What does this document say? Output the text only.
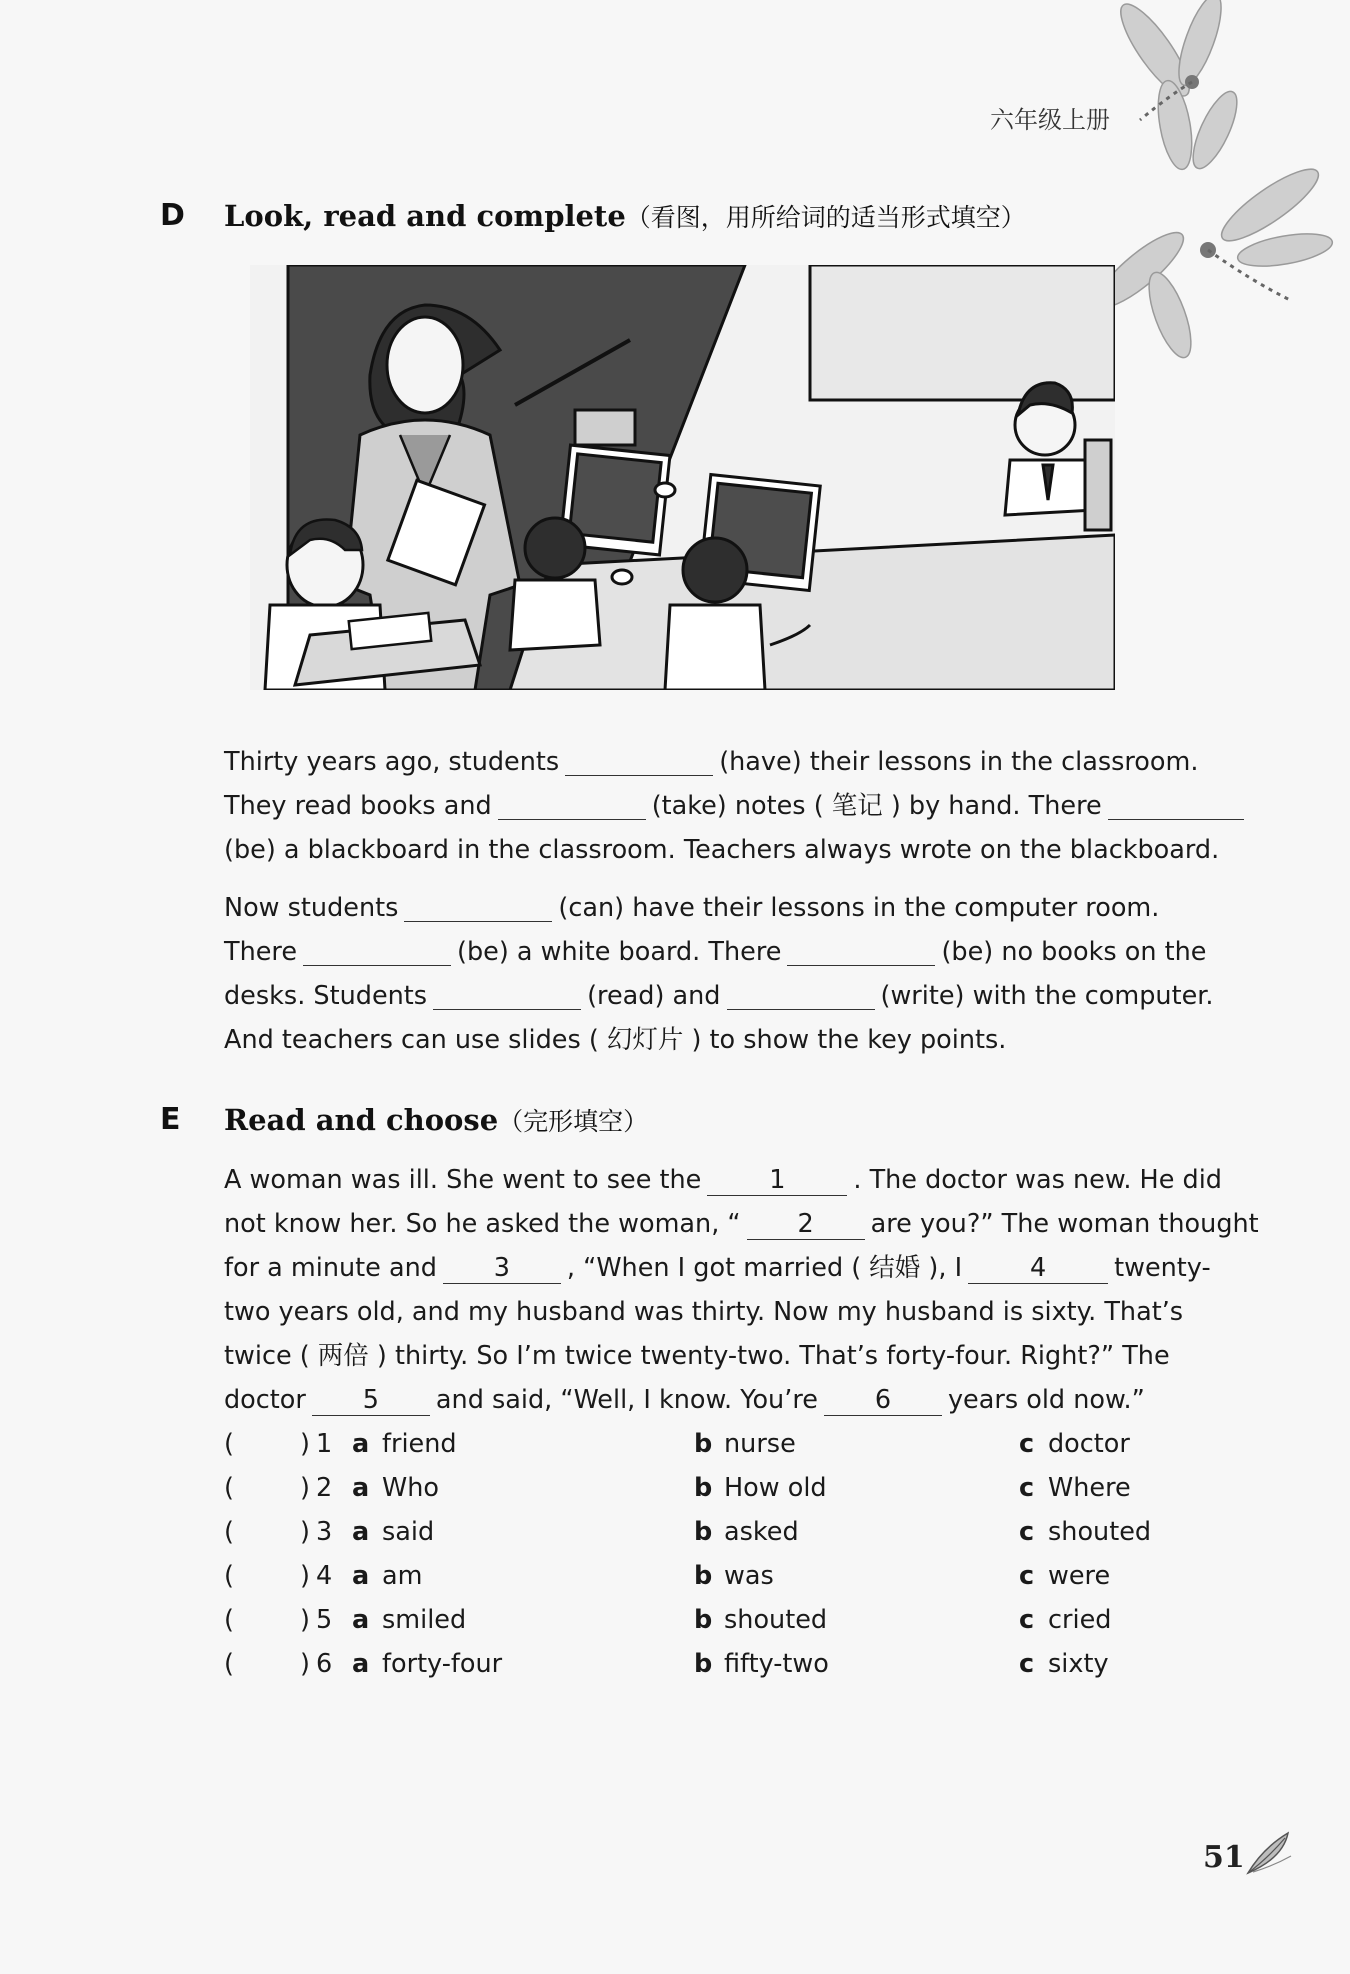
六年级上册
D Look, read and complete（看图，用所给词的适当形式填空）
Thirty years ago, students	(have) their lessons in the classroom.
They read books and	(take) notes ( 笔记 ) by hand. There
(be) a blackboard in the classroom. Teachers always wrote on the blackboard.
Now students	(can) have their lessons in the computer room.
There	(be) a white board. There	(be) no books on the
desks. Students	(read) and	(write) with the computer.
And teachers can use slides ( 幻灯片 ) to show the key points.
E Read and choose（完形填空）
A woman was ill. She went to see the	1	. The doctor was new. He did
not know her. So he asked the woman, “ 2 are you?” The woman thought
for a minute and 3 , “When I got married ( 结婚 ), I	4	twenty-
two years old, and my husband was thirty. Now my husband is sixty. That’s
twice ( 两倍 ) thirty. So I’m twice twenty-two. That’s forty-four. Right?” The
doctor 5 and said, “Well, I know. You’re 6 years old now.”
(	) 1 a friend	b nurse	c doctor
(	) 2 a Who	b How old	c Where
(	) 3 a said	b asked	c shouted
(	) 4 a am	b was	c were
(	) 5 a smiled	b shouted	c cried
(	) 6 a forty-four	b fifty-two	c sixty
51
